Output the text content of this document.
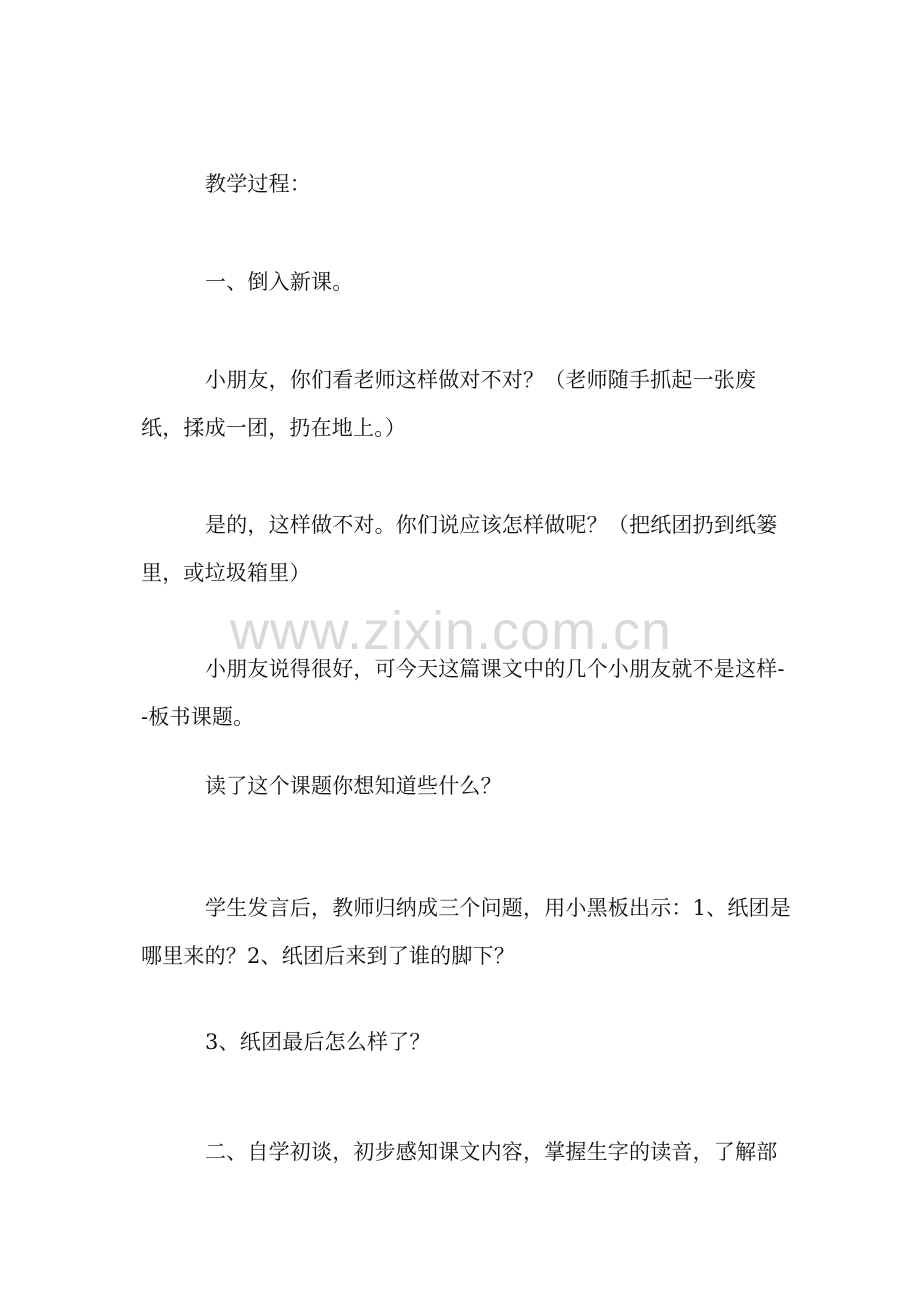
教学过程：

一、倒入新课。

小朋友，你们看老师这样做对不对？（老师随手抓起一张废纸，揉成一团，扔在地上。）

是的，这样做不对。你们说应该怎样做呢？（把纸团扔到纸篓里，或垃圾箱里）

小朋友说得很好，可今天这篇课文中的几个小朋友就不是这样--板书课题。

读了这个课题你想知道些什么？

学生发言后，教师归纳成三个问题，用小黑板出示：1、纸团是哪里来的？2、纸团后来到了谁的脚下？

3、纸团最后怎么样了？

二、自学初谈，初步感知课文内容，掌握生字的读音，了解部

www.zixin.com.cn
